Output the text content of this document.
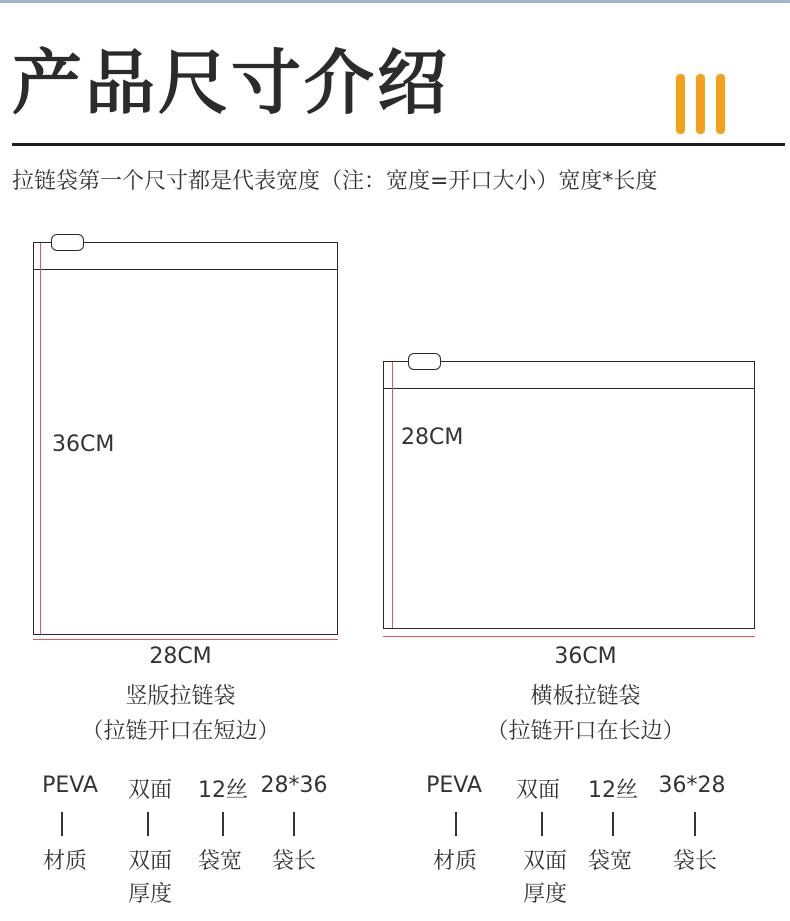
产品尺寸介绍
拉链袋第一个尺寸都是代表宽度（注：宽度=开口大小）宽度*长度
36CM
28CM
竖版拉链袋
（拉链开口在短边）
28CM
36CM
横板拉链袋
（拉链开口在长边）
PEVA
材质
双面
双面
厚度
12丝
袋宽
28*36
袋长
PEVA
材质
双面
双面
厚度
12丝
袋宽
36*28
袋长
